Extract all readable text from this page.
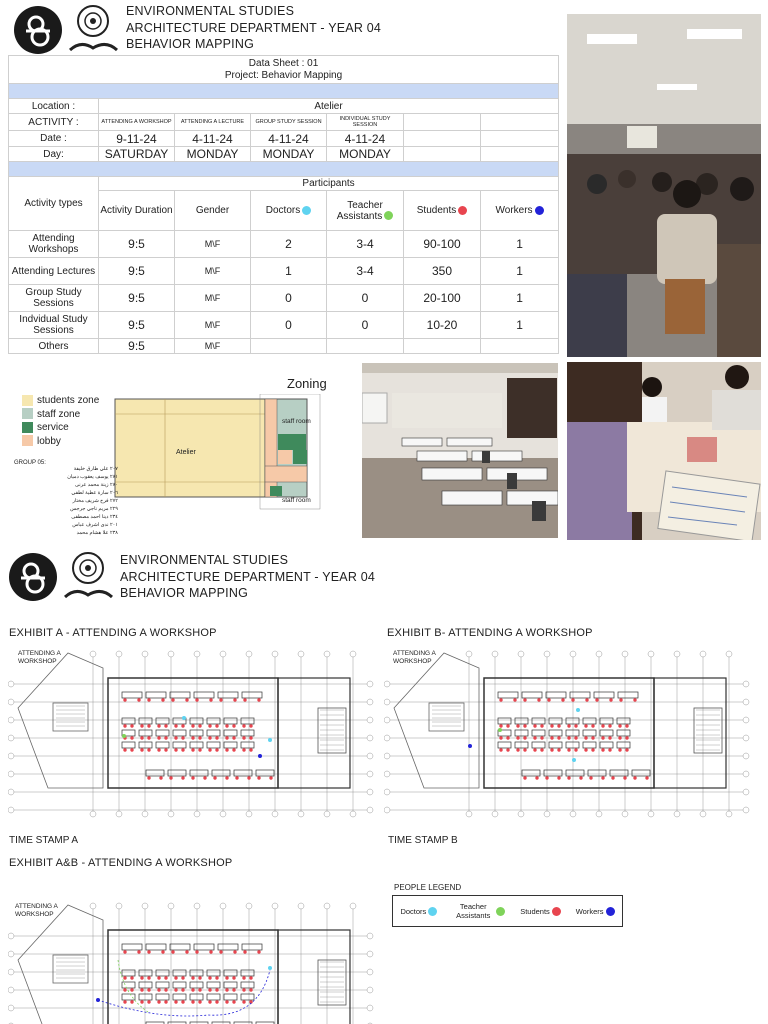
ENVIRONMENTAL STUDIES
ARCHITECTURE DEPARTMENT - YEAR 04
BEHAVIOR MAPPING
Data Sheet : 01
Project: Behavior Mapping						

Location :	Atelier					
ACTIVITY :	ATTENDING A WORKSHOP	ATTENDING A LECTURE	GROUP STUDY SESSION	INDIVIDUAL STUDY SESSION		
Date :	9-11-24	4-11-24	4-11-24	4-11-24		
Day:	SATURDAY	MONDAY	MONDAY	MONDAY		

Activity types	Participants					
	Activity Duration	Gender	Doctors	Teacher Assistants	Students	Workers
Attending Workshops	9:5	M\F	2	3-4	90-100	1
Attending Lectures	9:5	M\F	1	3-4	350	1
Group Study Sessions	9:5	M\F	0	0	20-100	1
Indvidual Study Sessions	9:5	M\F	0	0	10-20	1
Others	9:5	M\F				
students zone
staff zone
service
lobby
Zoning
Atelier
staff room
staff room
GROUP 05:
٢٠٧ علي طارق خليفة
٢٨١ يوسف يعقوب دميان
٢٨٠ زينة محمد عرنی
٢٠٦ سارة عطية لطفي
٢٧٢ فرح شريف مختار
٢٢٩ مريم ناجي جرجس
٢٣٤ دينا احمد مصطفى
٢٠١ ندى اشرف عباس
٢٣٨ علا هشام محمد
ENVIRONMENTAL STUDIES
ARCHITECTURE DEPARTMENT - YEAR 04
BEHAVIOR MAPPING
EXHIBIT A - ATTENDING A WORKSHOP	EXHIBIT B- ATTENDING A WORKSHOP
EXHIBIT A&B - ATTENDING A WORKSHOP
ATTENDING A WORKSHOP
ATTENDING A WORKSHOP
ATTENDING A WORKSHOP
TIME STAMP A	TIME STAMP B
PEOPLE LEGEND
Doctors	Teacher Assistants	Students	Workers
